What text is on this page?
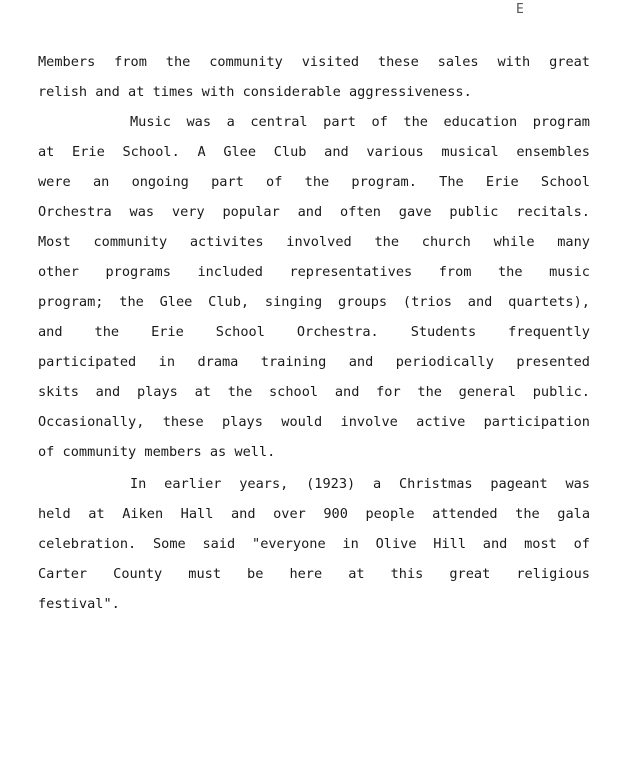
E
Members from the community visited these sales with great
relish and at times with considerable aggressiveness.
Music was a central part of the education program
at Erie School. A Glee Club and various musical ensembles
were an ongoing part of the program. The Erie School
Orchestra was very popular and often gave public recitals.
Most community activites involved the church while many
other programs included representatives from the music
program; the Glee Club, singing groups (trios and quartets),
and the Erie School Orchestra. Students frequently
participated in drama training and periodically presented
skits and plays at the school and for the general public.
Occasionally, these plays would involve active participation
of community members as well.
In earlier years, (1923) a Christmas pageant was
held at Aiken Hall and over 900 people attended the gala
celebration. Some said "everyone in Olive Hill and most of
Carter County must be here at this great religious
festival".
